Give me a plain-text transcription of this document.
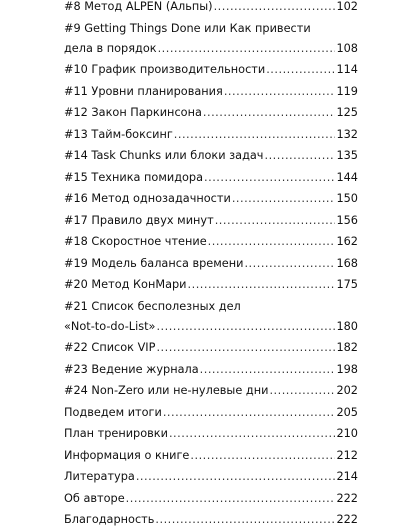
#8 Метод ALPEN (Альпы) .....	102
#9 Getting Things Done или Как привести
дела в порядок .....	108
#10 График производительности .....	114
#11 Уровни планирования .....	119
#12 Закон Паркинсона .....	125
#13 Тайм-боксинг .....	132
#14 Task Chunks или блоки задач .....	135
#15 Техника помидора .....	144
#16 Метод однозадачности .....	150
#17 Правило двух минут .....	156
#18 Скоростное чтение .....	162
#19 Модель баланса времени .....	168
#20 Метод КонМари .....	175
#21 Список бесполезных дел
«Not-to-do-List» .....	180
#22 Список VIP .....	182
#23 Ведение журнала .....	198
#24 Non-Zero или не-нулевые дни .....	202
Подведем итоги .....	205
План тренировки .....	210
Информация о книге .....	212
Литература .....	214
Об авторе .....	222
Благодарность .....	222
